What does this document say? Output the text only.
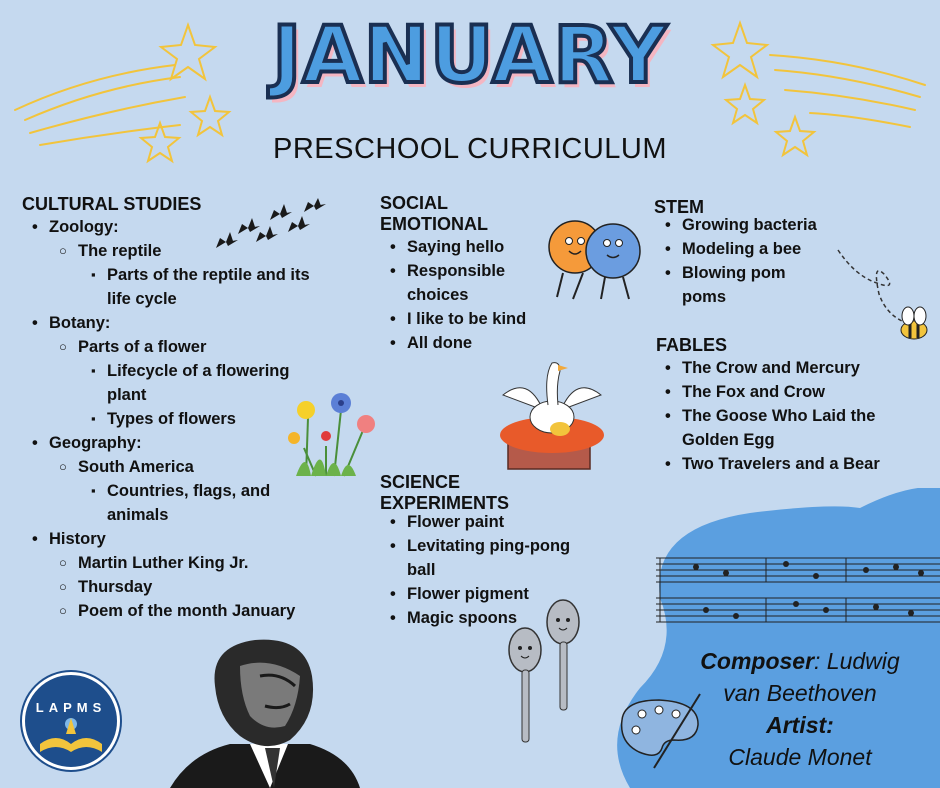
JANUARY
PRESCHOOL CURRICULUM
CULTURAL STUDIES
• Zoology:
○ The reptile
▪ Parts of the reptile and its
life cycle
• Botany:
○ Parts of a flower
▪ Lifecycle of a flowering
plant
▪ Types of flowers
• Geography:
○ South America
▪ Countries, flags, and
animals
• History
○ Martin Luther King Jr.
○ Thursday
○ Poem of the month January
SOCIAL
EMOTIONAL
• Saying hello
• Responsible
choices
• I like to be kind
• All done
SCIENCE
EXPERIMENTS
• Flower paint
• Levitating ping-pong
ball
• Flower pigment
• Magic spoons
STEM
• Growing bacteria
• Modeling a bee
• Blowing pom
poms
FABLES
• The Crow and Mercury
• The Fox and Crow
• The Goose Who Laid the
Golden Egg
• Two Travelers and a Bear
Composer: Ludwig
van Beethoven
Artist:
Claude Monet
LAPMS
